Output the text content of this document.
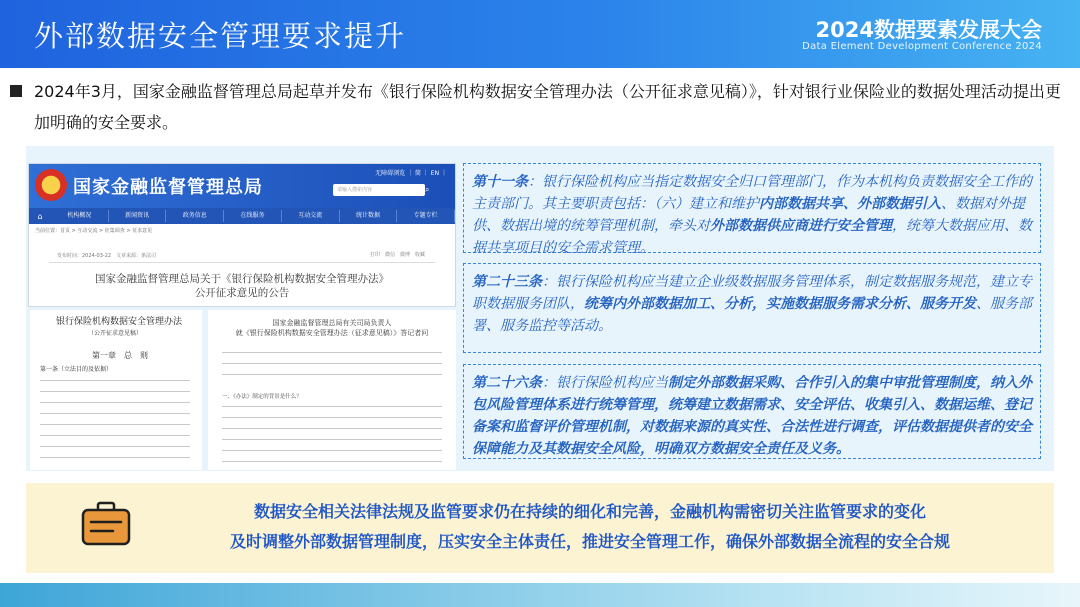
外部数据安全管理要求提升	2024数据要素发展大会
Data Element Development Conference 2024
2024年3月，国家金融监督管理总局起草并发布《银行保险机构数据安全管理办法（公开征求意见稿）》，针对银行业保险业的数据处理活动提出更加明确的安全要求。
★ 国家金融监督管理总局
无障碍浏览 ｜ 简 ｜ EN ｜
请输入搜索内容	⌕
⌂	机构概况	新闻资讯	政务信息	在线服务	互动交流	统计数据	专题专栏
当前位置：首页 > 互动交流 > 征集调查 > 征求意见
发布时间：2024-03-22　文章来源：条法司	打印　微信　微博　收藏
国家金融监督管理总局关于《银行保险机构数据安全管理办法》
公开征求意见的公告
银行保险机构数据安全管理办法
（公开征求意见稿）
第一章　总　则
第一条（立法目的及依据）
国家金融监督管理总局有关司局负责人
就《银行保险机构数据安全管理办法（征求意见稿）》答记者问
一、《办法》制定的背景是什么？
第十一条：银行保险机构应当指定数据安全归口管理部门，作为本机构负责数据安全工作的主责部门。其主要职责包括：（六）建立和维护内部数据共享、外部数据引入、数据对外提供、数据出境的统筹管理机制，牵头对外部数据供应商进行安全管理，统筹大数据应用、数据共享项目的安全需求管理。
第二十三条：银行保险机构应当建立企业级数据服务管理体系，制定数据服务规范，建立专职数据服务团队，统筹内外部数据加工、分析，实施数据服务需求分析、服务开发、服务部署、服务监控等活动。
第二十六条：银行保险机构应当制定外部数据采购、合作引入的集中审批管理制度，纳入外包风险管理体系进行统筹管理，统筹建立数据需求、安全评估、收集引入、数据运维、登记备案和监督评价管理机制，对数据来源的真实性、合法性进行调查，评估数据提供者的安全保障能力及其数据安全风险，明确双方数据安全责任及义务。
数据安全相关法律法规及监管要求仍在持续的细化和完善，金融机构需密切关注监管要求的变化
及时调整外部数据管理制度，压实安全主体责任，推进安全管理工作，确保外部数据全流程的安全合规
